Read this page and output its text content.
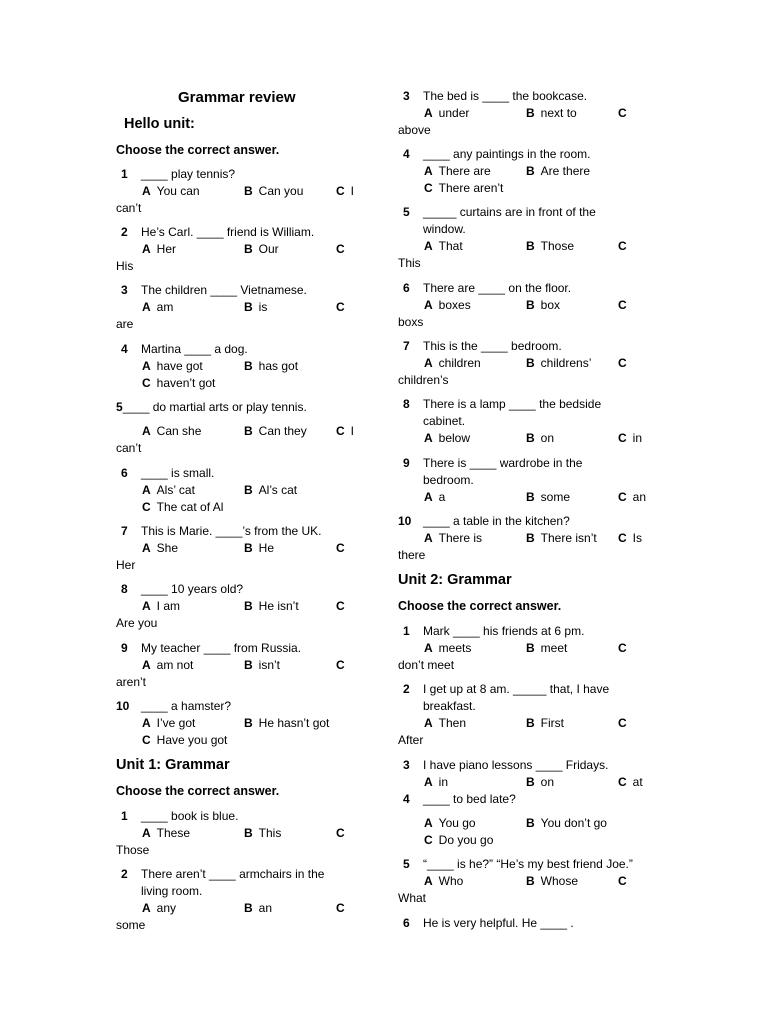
Grammar review
Hello unit:
Choose the correct answer.
1 ____ play tennis?
A You can	B Can you	C I
can’t
2 He’s Carl. ____ friend is William.
A Her	B Our	C
His
3 The children ____ Vietnamese.
A am	B is	C
are
4 Martina ____ a dog.
A have got	B has got
C haven’t got
5____ do martial arts or play tennis.
A Can she	B Can they C I
can’t
6 ____ is small.
A Als’ cat	B Al’s cat
C The cat of Al
7 This is Marie. ____’s from the UK.
A She	B He	C
Her
8 ____ 10 years old?
A I am	B He isn’t	C
Are you
9 My teacher ____ from Russia.
A am not	B isn’t	C
aren’t
10 ____ a hamster?
A I’ve got	B He hasn’t got
C Have you got
Unit 1: Grammar
Choose the correct answer.
1 ____ book is blue.
A These	B This	C
Those
2 There aren’t ____ armchairs in the
living room.
A any	B an	C
some
3 The bed is ____ the bookcase.
A under	B next to	C
above
4 ____ any paintings in the room.
A There are	B Are there
C There aren’t
5 _____ curtains are in front of the
window.
A That	B Those	C
This
6 There are ____ on the floor.
A boxes	B box	C
boxs
7 This is the ____ bedroom.
A children	B childrens’ C
children’s
8 There is a lamp ____ the bedside
cabinet.
A below	B on	C in
9 There is ____ wardrobe in the
bedroom.
A a	B some	C an
10 ____ a table in the kitchen?
A There is	B There isn’t C Is
there
Unit 2: Grammar
Choose the correct answer.
1 Mark ____ his friends at 6 pm.
A meets	B meet	C
don’t meet
2 I get up at 8 am. _____ that, I have
breakfast.
A Then	B First	C
After
3 I have piano lessons ____ Fridays.
A in	B on	C at
4 ____ to bed late?
A You go	B You don’t go
C Do you go
5 “____ is he?” “He’s my best friend Joe.”
A Who	B Whose	C
What
6 He is very helpful. He ____ .
